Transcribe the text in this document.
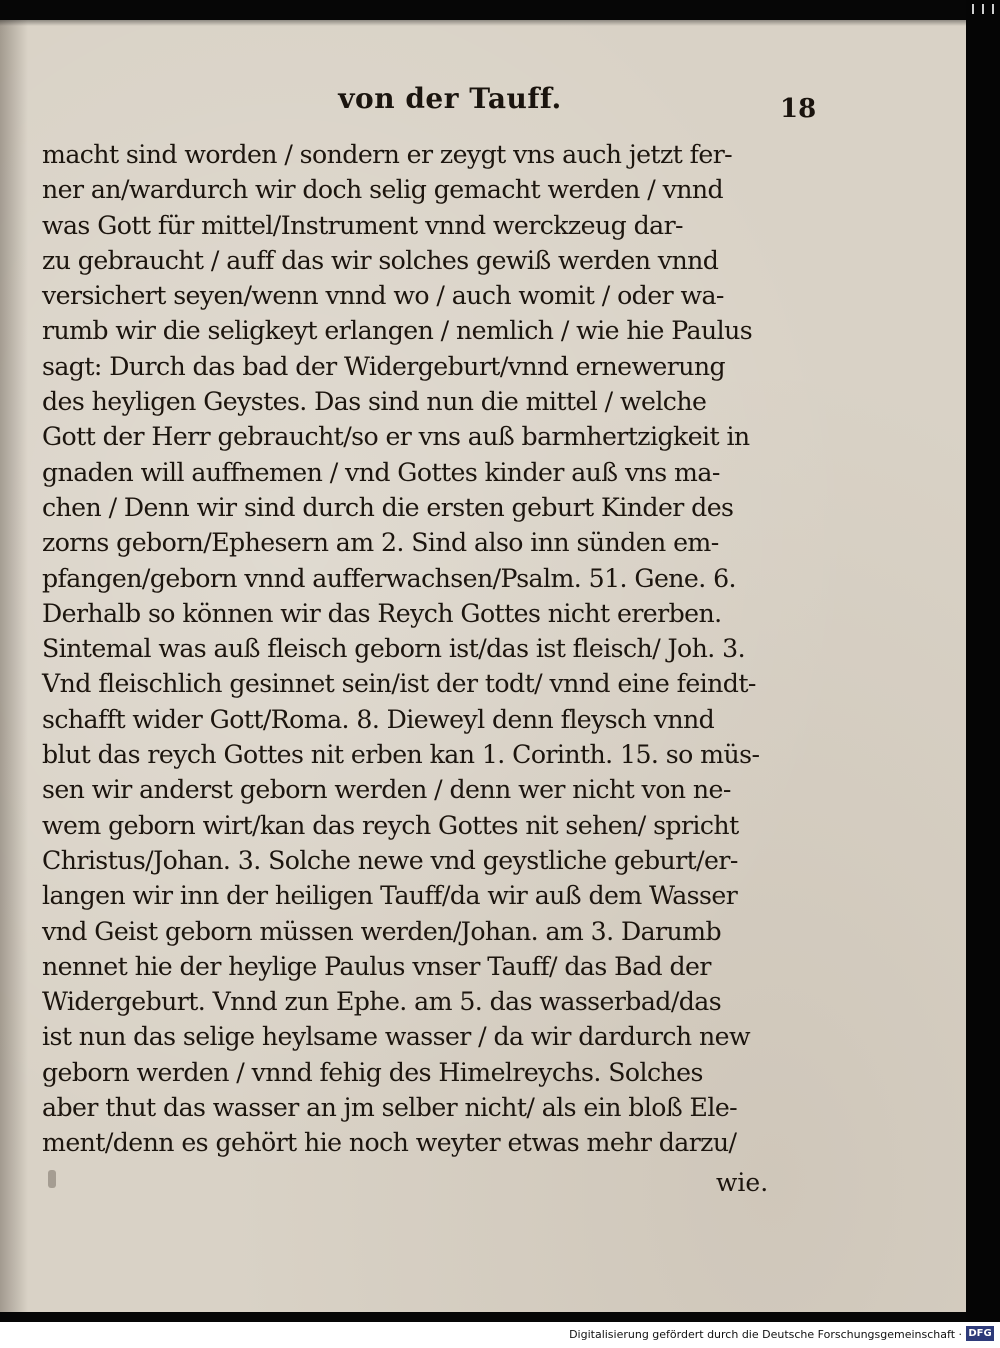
von der Tauff.	18
macht sind worden / sondern er zeygt vns auch jetzt fer-
ner an/wardurch wir doch selig gemacht werden / vnnd
was Gott für mittel/Instrument vnnd werckzeug dar-
zu gebraucht / auff das wir solches gewiß werden vnnd
versichert seyen/wenn vnnd wo / auch womit / oder wa-
rumb wir die seligkeyt erlangen / nemlich / wie hie Paulus
sagt: Durch das bad der Widergeburt/vnnd ernewerung
des heyligen Geystes. Das sind nun die mittel / welche
Gott der Herr gebraucht/so er vns auß barmhertzigkeit in
gnaden will auffnemen / vnd Gottes kinder auß vns ma-
chen / Denn wir sind durch die ersten geburt Kinder des
zorns geborn/Ephesern am 2. Sind also inn sünden em-
pfangen/geborn vnnd aufferwachsen/Psalm. 51. Gene. 6.
Derhalb so können wir das Reych Gottes nicht ererben.
Sintemal was auß fleisch geborn ist/das ist fleisch/ Joh. 3.
Vnd fleischlich gesinnet sein/ist der todt/ vnnd eine feindt-
schafft wider Gott/Roma. 8. Dieweyl denn fleysch vnnd
blut das reych Gottes nit erben kan 1. Corinth. 15. so müs-
sen wir anderst geborn werden / denn wer nicht von ne-
wem geborn wirt/kan das reych Gottes nit sehen/ spricht
Christus/Johan. 3. Solche newe vnd geystliche geburt/er-
langen wir inn der heiligen Tauff/da wir auß dem Wasser
vnd Geist geborn müssen werden/Johan. am 3. Darumb
nennet hie der heylige Paulus vnser Tauff/ das Bad der
Widergeburt. Vnnd zun Ephe. am 5. das wasserbad/das
ist nun das selige heylsame wasser / da wir dardurch new
geborn werden / vnnd fehig des Himelreychs. Solches
aber thut das wasser an jm selber nicht/ als ein bloß Ele-
ment/denn es gehört hie noch weyter etwas mehr darzu/
wie.
Digitalisierung gefördert durch die Deutsche Forschungsgemeinschaft · DFG
